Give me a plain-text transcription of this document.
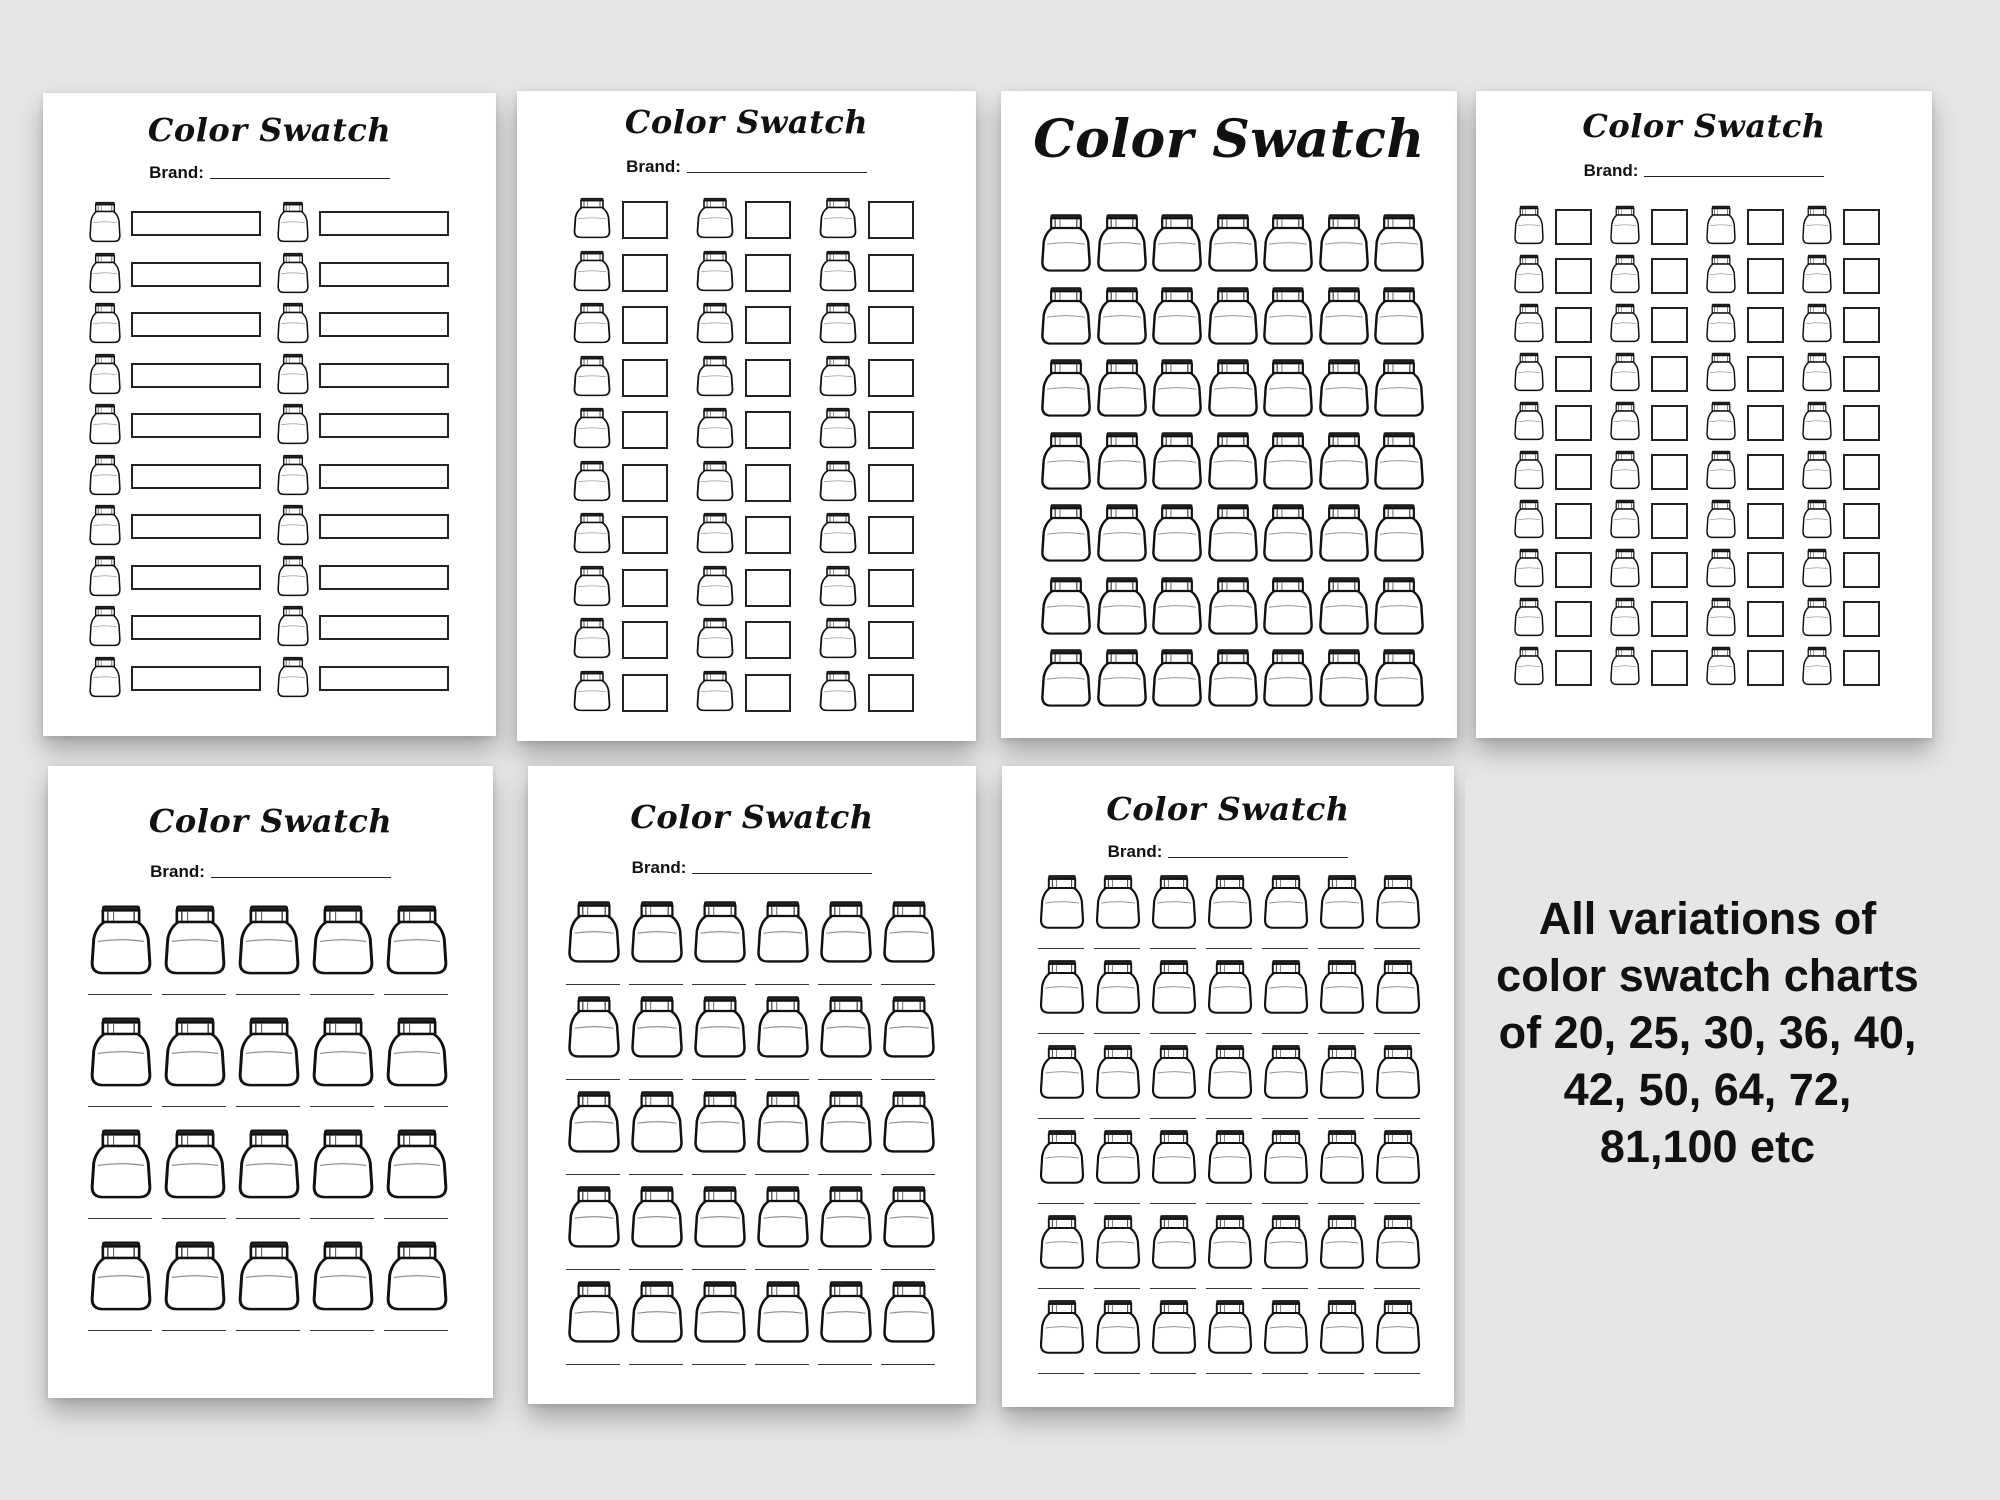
Color Swatch
Brand:
Color Swatch
Brand:	Color Swatch	Color Swatch
Brand:
Color Swatch
Brand:
Color Swatch
Brand:
Color Swatch
Brand:

All variations of
color swatch charts
of 20, 25, 30, 36, 40,
42, 50, 64, 72,
81,100 etc
